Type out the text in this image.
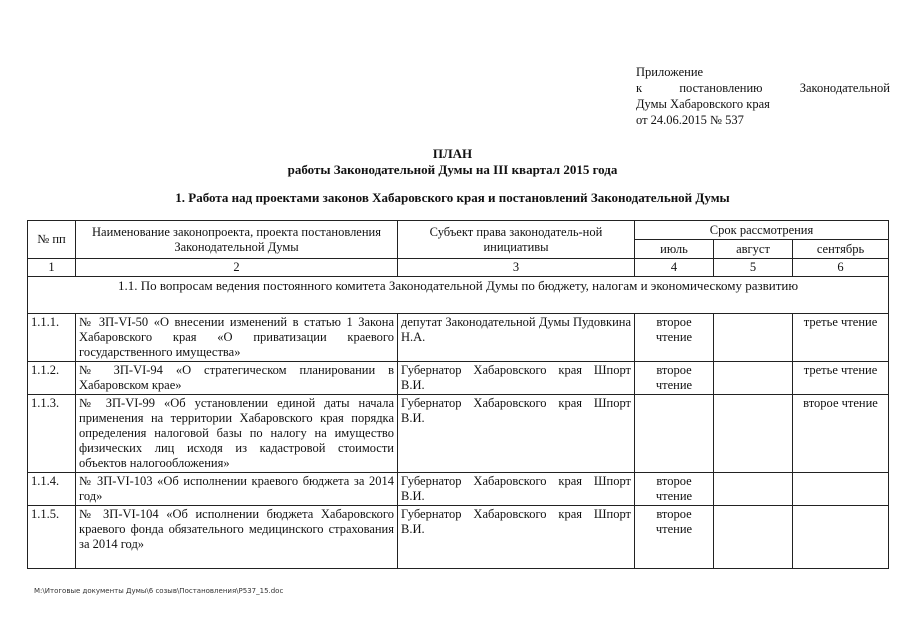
Приложение
к постановлению Законодательной
Думы Хабаровского края
от 24.06.2015 № 537
ПЛАН
работы Законодательной Думы на III квартал 2015 года
1. Работа над проектами законов Хабаровского края и постановлений Законодательной Думы
№ пп	Наименование законопроекта, проекта постановления Законодательной Думы	Субъект права законодатель-ной инициативы	Срок рассмотрения		
			июль	август	сентябрь
1	2	3	4	5	6
1.1. По вопросам ведения постоянного комитета Законодательной Думы по бюджету, налогам и экономическому развитию					
1.1.1.	№ ЗП-VI-50 «О внесении изменений в статью 1 Закона Хабаровского края «О приватизации краевого государственного имущества»	депутат Законодательной Думы Пудовкина Н.А.	второе чтение		третье чтение
1.1.2.	№ ЗП-VI-94 «О стратегическом планировании в Хабаровском крае»	Губернатор Хабаровского края Шпорт В.И.	второе чтение		третье чтение
1.1.3.	№ ЗП-VI-99 «Об установлении единой даты начала применения на территории Хабаровского края порядка определения налоговой базы по налогу на имущество физических лиц исходя из кадастровой стоимости объектов налогообложения»	Губернатор Хабаровского края Шпорт В.И.			второе чтение
1.1.4.	№ ЗП-VI-103 «Об исполнении краевого бюджета за 2014 год»	Губернатор Хабаровского края Шпорт В.И.	второе чтение		
1.1.5.	№ ЗП-VI-104 «Об исполнении бюджета Хабаровского краевого фонда обязательного медицинского страхования за 2014 год»	Губернатор Хабаровского края Шпорт В.И.	второе чтение		
M:\Итоговые документы Думы\6 созыв\Постановления\P537_15.doc
